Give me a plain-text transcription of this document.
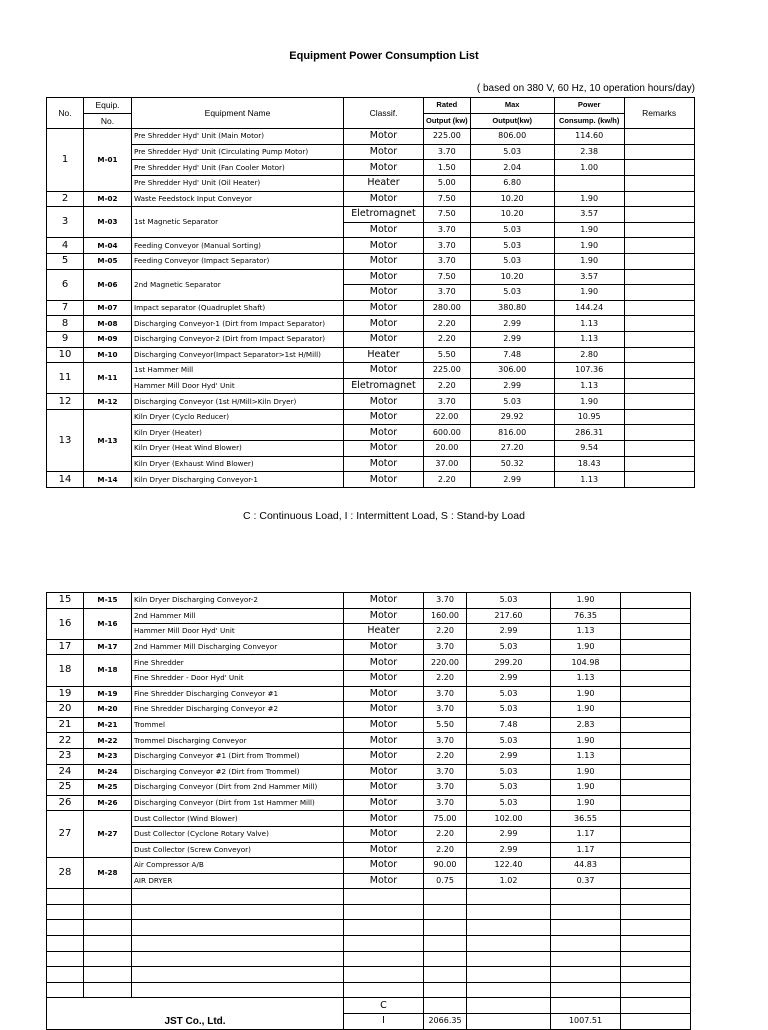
Equipment Power Consumption List
( based on 380 V, 60 Hz, 10 operation hours/day)
No.	Equip.	Equipment Name	Classif.	Rated	Max	Power	Remarks
	No.			Output (kw)	Output(kw)	Consump. (kw/h)	
1	M-01	Pre Shredder Hyd' Unit (Main Motor)	Motor	225.00	806.00	114.60	
		Pre Shredder Hyd' Unit (Circulating Pump Motor)	Motor	3.70	5.03	2.38	
		Pre Shredder Hyd' Unit (Fan Cooler Motor)	Motor	1.50	2.04	1.00	
		Pre Shredder Hyd' Unit (Oil Heater)	Heater	5.00	6.80		
2	M-02	Waste Feedstock Input Conveyor	Motor	7.50	10.20	1.90	
3	M-03	1st Magnetic Separator	Eletromagnet	7.50	10.20	3.57	
			Motor	3.70	5.03	1.90	
4	M-04	Feeding Conveyor (Manual Sorting)	Motor	3.70	5.03	1.90	
5	M-05	Feeding Conveyor (Impact Separator)	Motor	3.70	5.03	1.90	
6	M-06	2nd Magnetic Separator	Motor	7.50	10.20	3.57	
			Motor	3.70	5.03	1.90	
7	M-07	Impact separator (Quadruplet Shaft)	Motor	280.00	380.80	144.24	
8	M-08	Discharging Conveyor-1 (Dirt from Impact Separator)	Motor	2.20	2.99	1.13	
9	M-09	Discharging Conveyor-2 (Dirt from Impact Separator)	Motor	2.20	2.99	1.13	
10	M-10	Discharging Conveyor(Impact Separator>1st H/Mill)	Heater	5.50	7.48	2.80	
11	M-11	1st Hammer Mill	Motor	225.00	306.00	107.36	
		Hammer Mill Door Hyd' Unit	Eletromagnet	2.20	2.99	1.13	
12	M-12	Discharging Conveyor (1st H/Mill>Kiln Dryer)	Motor	3.70	5.03	1.90	
13	M-13	Kiln Dryer (Cyclo Reducer)	Motor	22.00	29.92	10.95	
		Kiln Dryer (Heater)	Motor	600.00	816.00	286.31	
		Kiln Dryer (Heat Wind Blower)	Motor	20.00	27.20	9.54	
		Kiln Dryer (Exhaust Wind Blower)	Motor	37.00	50.32	18.43	
14	M-14	Kiln Dryer Discharging Conveyor-1	Motor	2.20	2.99	1.13	
C : Continuous Load, I : Intermittent Load, S : Stand-by Load
15	M-15	Kiln Dryer Discharging Conveyor-2	Motor	3.70	5.03	1.90	
16	M-16	2nd Hammer Mill	Motor	160.00	217.60	76.35	
		Hammer Mill Door Hyd' Unit	Heater	2.20	2.99	1.13	
17	M-17	2nd Hammer Mill Discharging Conveyor	Motor	3.70	5.03	1.90	
18	M-18	Fine Shredder	Motor	220.00	299.20	104.98	
		Fine Shredder - Door Hyd' Unit	Motor	2.20	2.99	1.13	
19	M-19	Fine Shredder Discharging Conveyor #1	Motor	3.70	5.03	1.90	
20	M-20	Fine Shredder Discharging Conveyor #2	Motor	3.70	5.03	1.90	
21	M-21	Trommel	Motor	5.50	7.48	2.83	
22	M-22	Trommel Discharging Conveyor	Motor	3.70	5.03	1.90	
23	M-23	Discharging Conveyor #1 (Dirt from Trommel)	Motor	2.20	2.99	1.13	
24	M-24	Discharging Conveyor #2 (Dirt from Trommel)	Motor	3.70	5.03	1.90	
25	M-25	Discharging Conveyor (Dirt from 2nd Hammer Mill)	Motor	3.70	5.03	1.90	
26	M-26	Discharging Conveyor (Dirt from 1st Hammer Mill)	Motor	3.70	5.03	1.90	
27	M-27	Dust Collector (Wind Blower)	Motor	75.00	102.00	36.55	
		Dust Collector (Cyclone Rotary Valve)	Motor	2.20	2.99	1.17	
		Dust Collector (Screw Conveyor)	Motor	2.20	2.99	1.17	
28	M-28	Air Compressor A/B	Motor	90.00	122.40	44.83	
		AIR DRYER	Motor	0.75	1.02	0.37	

JST Co., Ltd.			C				
			I	2066.35		1007.51	
